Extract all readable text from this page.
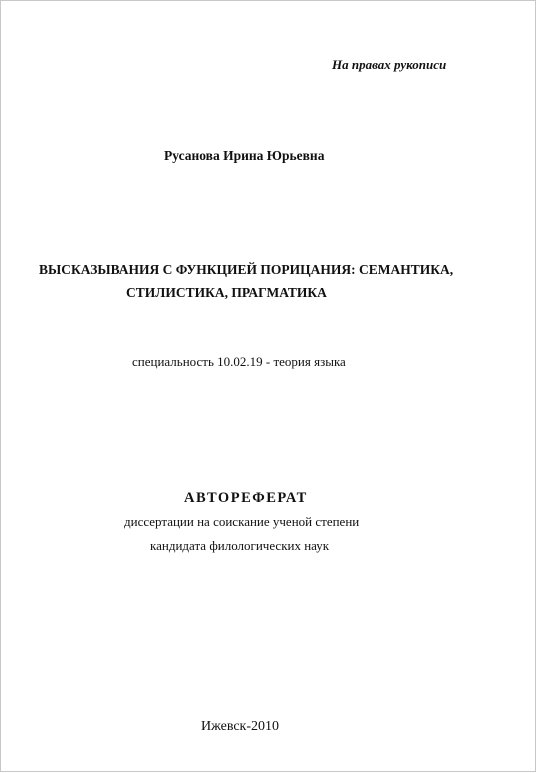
На правах рукописи
Русанова Ирина Юрьевна
ВЫСКАЗЫВАНИЯ С ФУНКЦИЕЙ ПОРИЦАНИЯ: СЕМАНТИКА,
СТИЛИСТИКА, ПРАГМАТИКА
специальность 10.02.19 - теория языка
АВТОРЕФЕРАТ
диссертации на соискание ученой степени
кандидата филологических наук
Ижевск-2010
